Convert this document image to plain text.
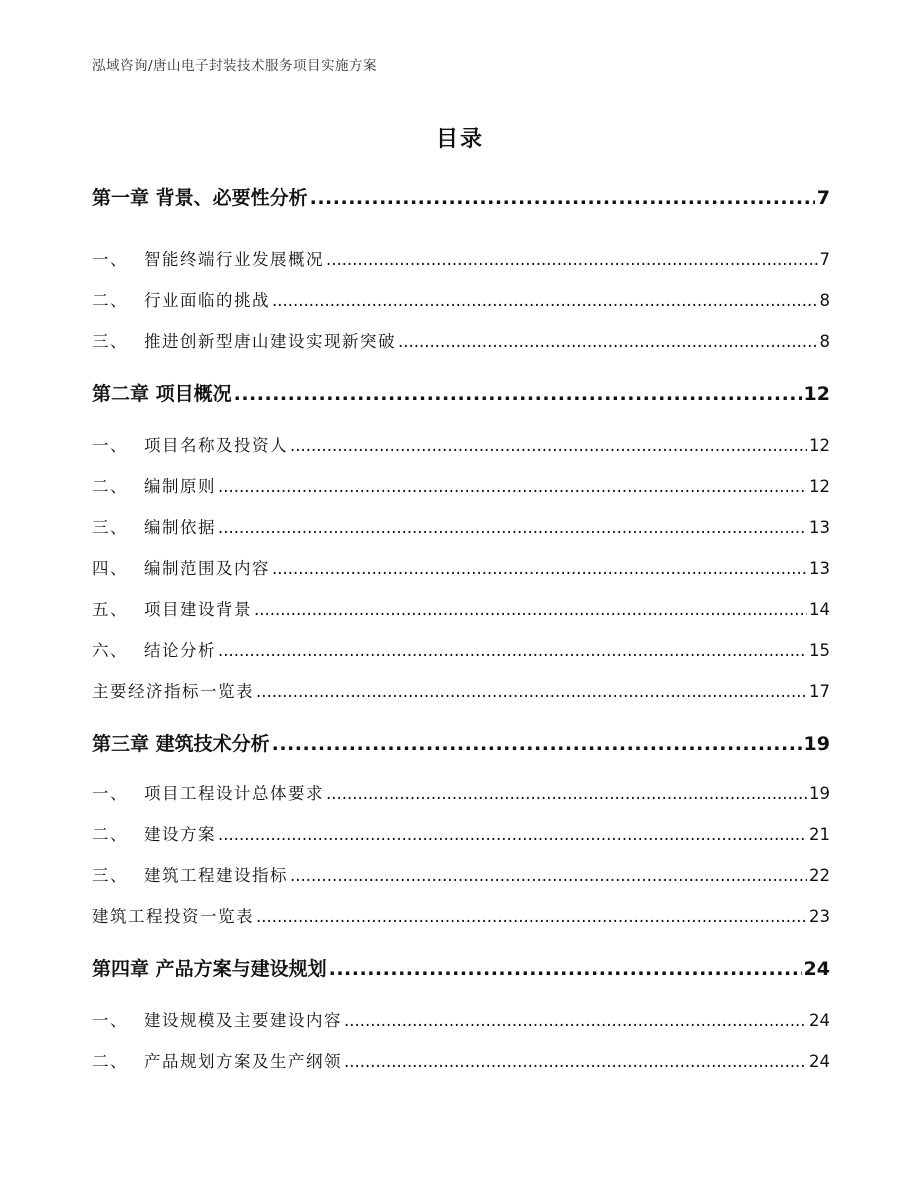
泓域咨询/唐山电子封装技术服务项目实施方案
目录
第一章 背景、必要性分析 .....	7
一、 智能终端行业发展概况 .....	7
二、 行业面临的挑战 .....	8
三、 推进创新型唐山建设实现新突破 .....	8
第二章 项目概况 .....	12
一、 项目名称及投资人 .....	12
二、 编制原则 .....	12
三、 编制依据 .....	13
四、 编制范围及内容 .....	13
五、 项目建设背景 .....	14
六、 结论分析 .....	15
主要经济指标一览表 .....	17
第三章 建筑技术分析 .....	19
一、 项目工程设计总体要求 .....	19
二、 建设方案 .....	21
三、 建筑工程建设指标 .....	22
建筑工程投资一览表 .....	23
第四章 产品方案与建设规划 .....	24
一、 建设规模及主要建设内容 .....	24
二、 产品规划方案及生产纲领 .....	24
